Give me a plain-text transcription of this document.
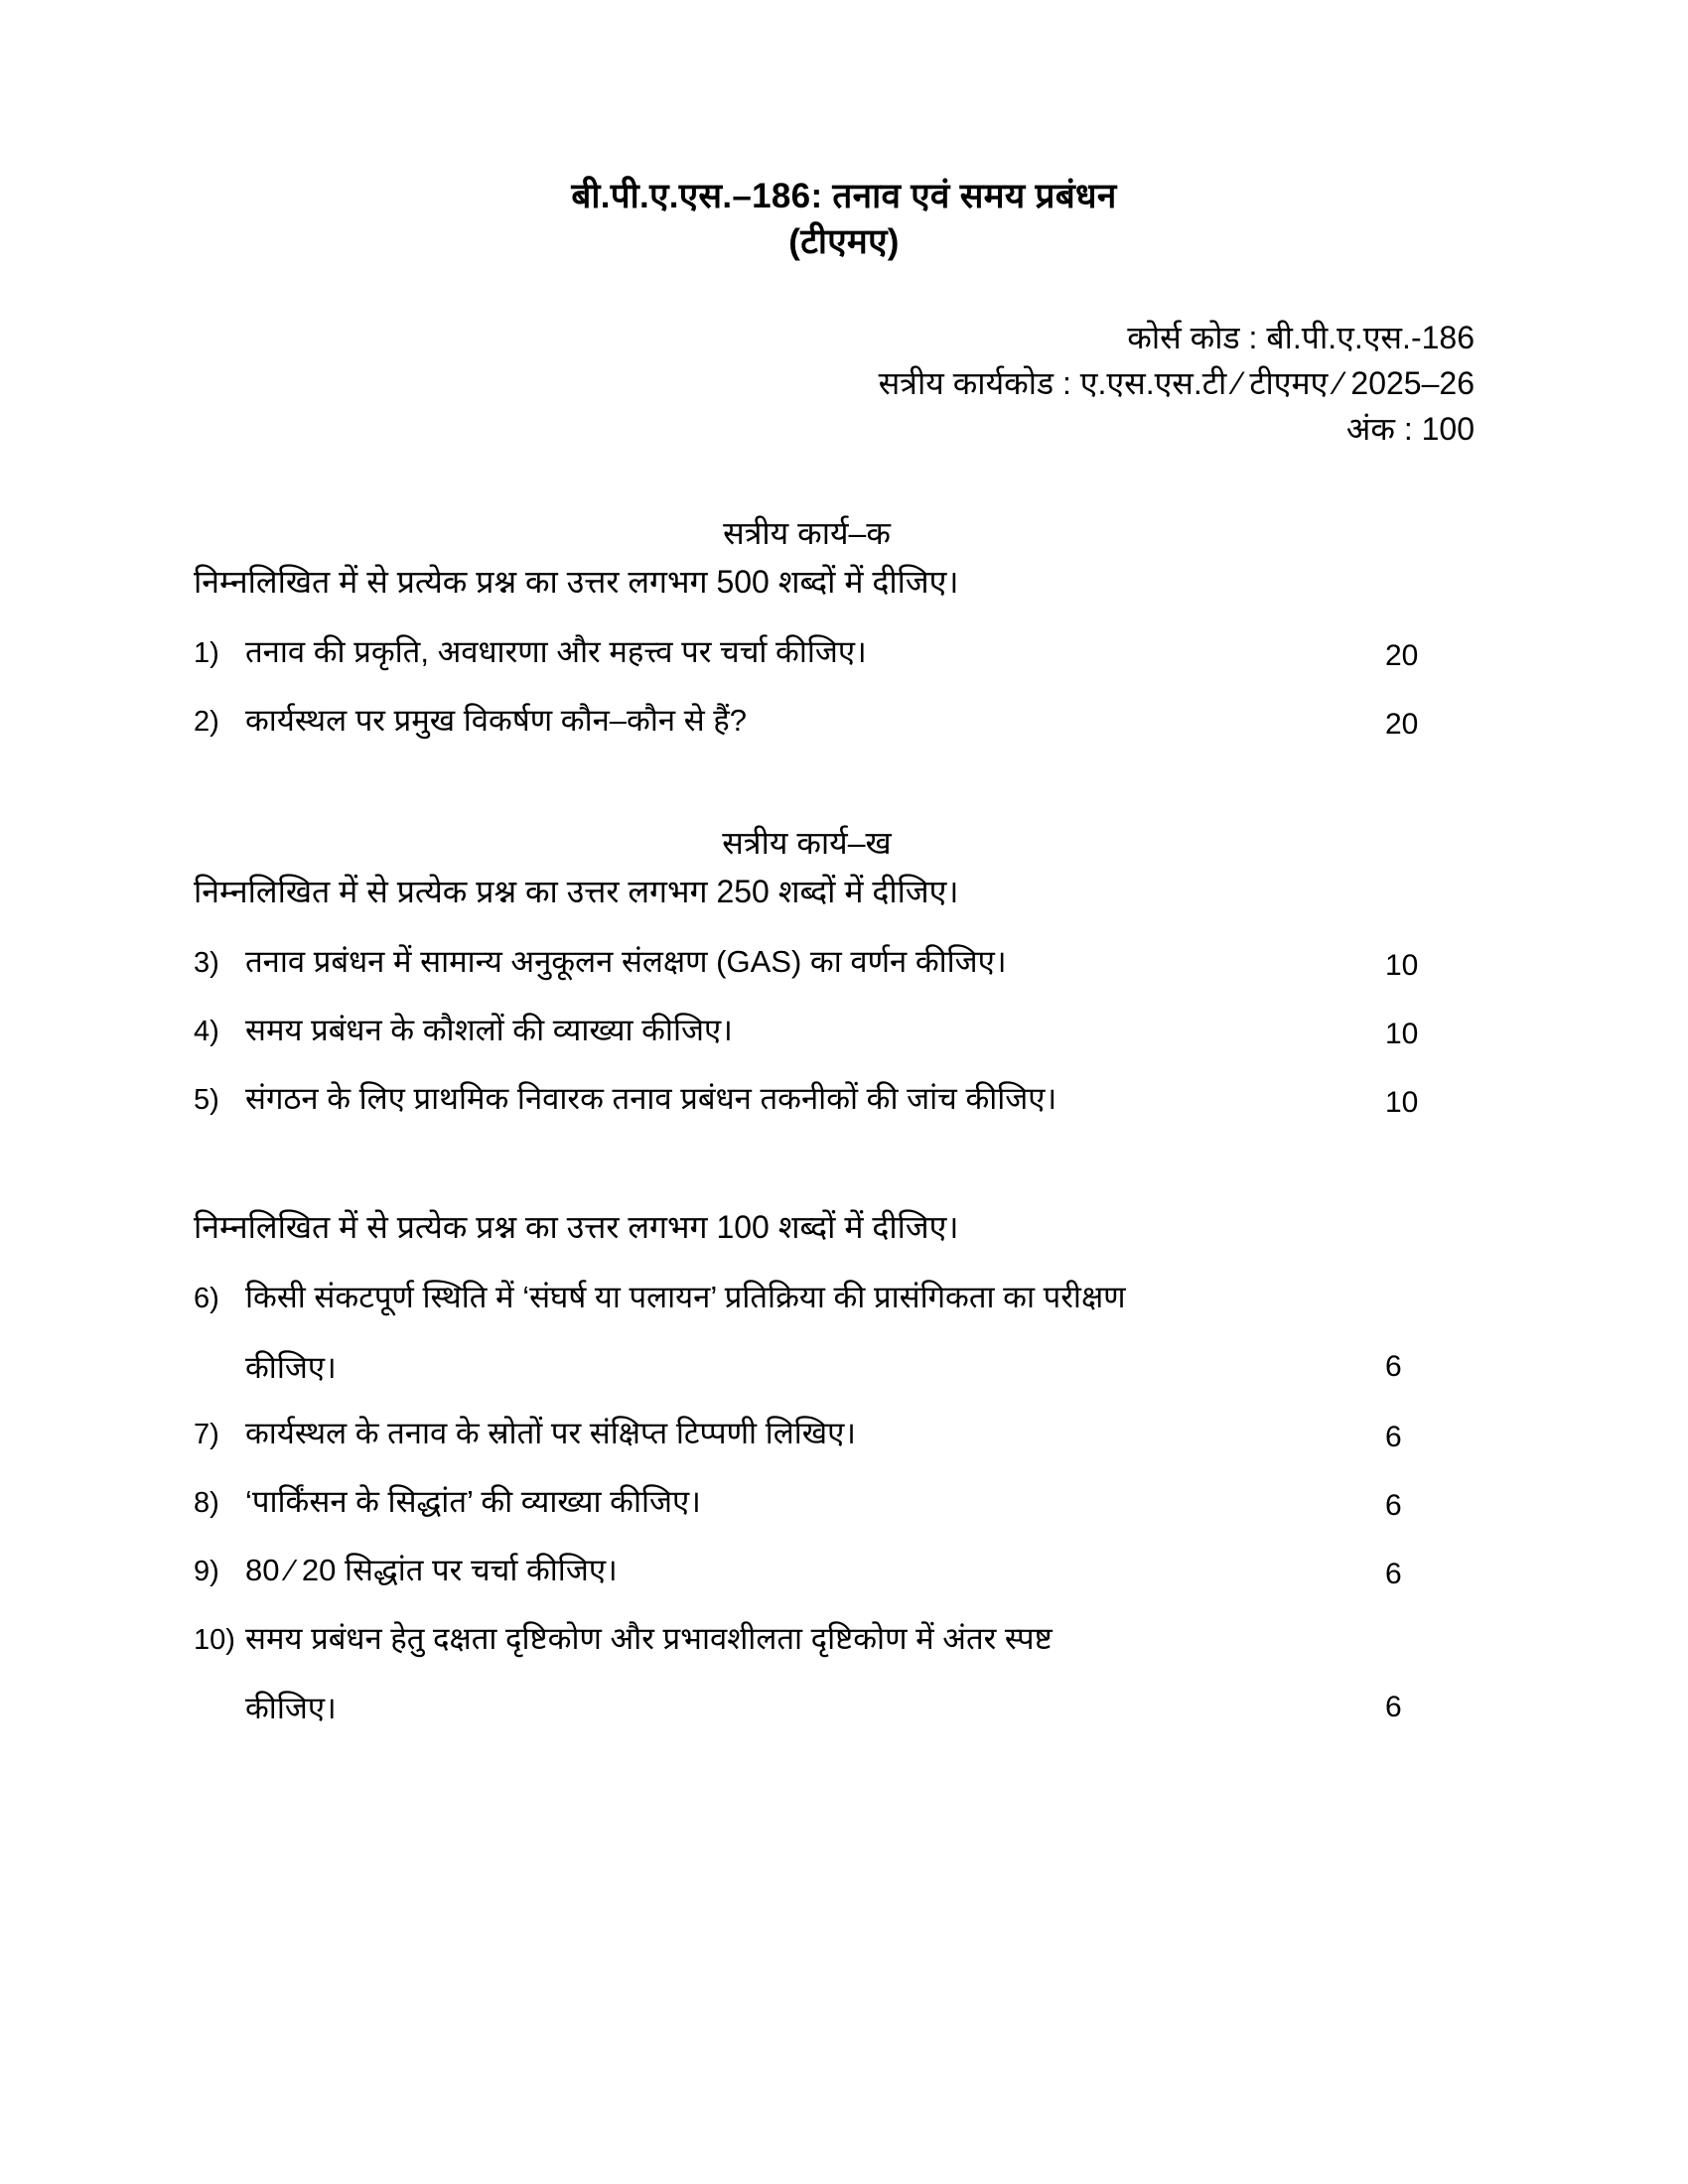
बी.पी.ए.एस.–186: तनाव एवं समय प्रबंधन
(टीएमए)
कोर्स कोड : बी.पी.ए.एस.-186
सत्रीय कार्यकोड : ए.एस.एस.टी ⁄ टीएमए ⁄ 2025–26
अंक : 100
सत्रीय कार्य–क
निम्नलिखित में से प्रत्येक प्रश्न का उत्तर लगभग 500 शब्दों में दीजिए।
1) तनाव की प्रकृति, अवधारणा और महत्त्व पर चर्चा कीजिए।	20
2) कार्यस्थल पर प्रमुख विकर्षण कौन–कौन से हैं?	20
सत्रीय कार्य–ख
निम्नलिखित में से प्रत्येक प्रश्न का उत्तर लगभग 250 शब्दों में दीजिए।
3) तनाव प्रबंधन में सामान्य अनुकूलन संलक्षण (GAS) का वर्णन कीजिए।	10
4) समय प्रबंधन के कौशलों की व्याख्या कीजिए।	10
5) संगठन के लिए प्राथमिक निवारक तनाव प्रबंधन तकनीकों की जांच कीजिए।	10
निम्नलिखित में से प्रत्येक प्रश्न का उत्तर लगभग 100 शब्दों में दीजिए।
6) किसी संकटपूर्ण स्थिति में ‘संघर्ष या पलायन’ प्रतिक्रिया की प्रासंगिकता का परीक्षण
कीजिए।	6
7) कार्यस्थल के तनाव के स्रोतों पर संक्षिप्त टिप्पणी लिखिए।	6
8) ‘पार्किंसन के सिद्धांत’ की व्याख्या कीजिए।	6
9) 80 ⁄ 20 सिद्धांत पर चर्चा कीजिए।	6
10) समय प्रबंधन हेतु दक्षता दृष्टिकोण और प्रभावशीलता दृष्टिकोण में अंतर स्पष्ट
कीजिए।	6
